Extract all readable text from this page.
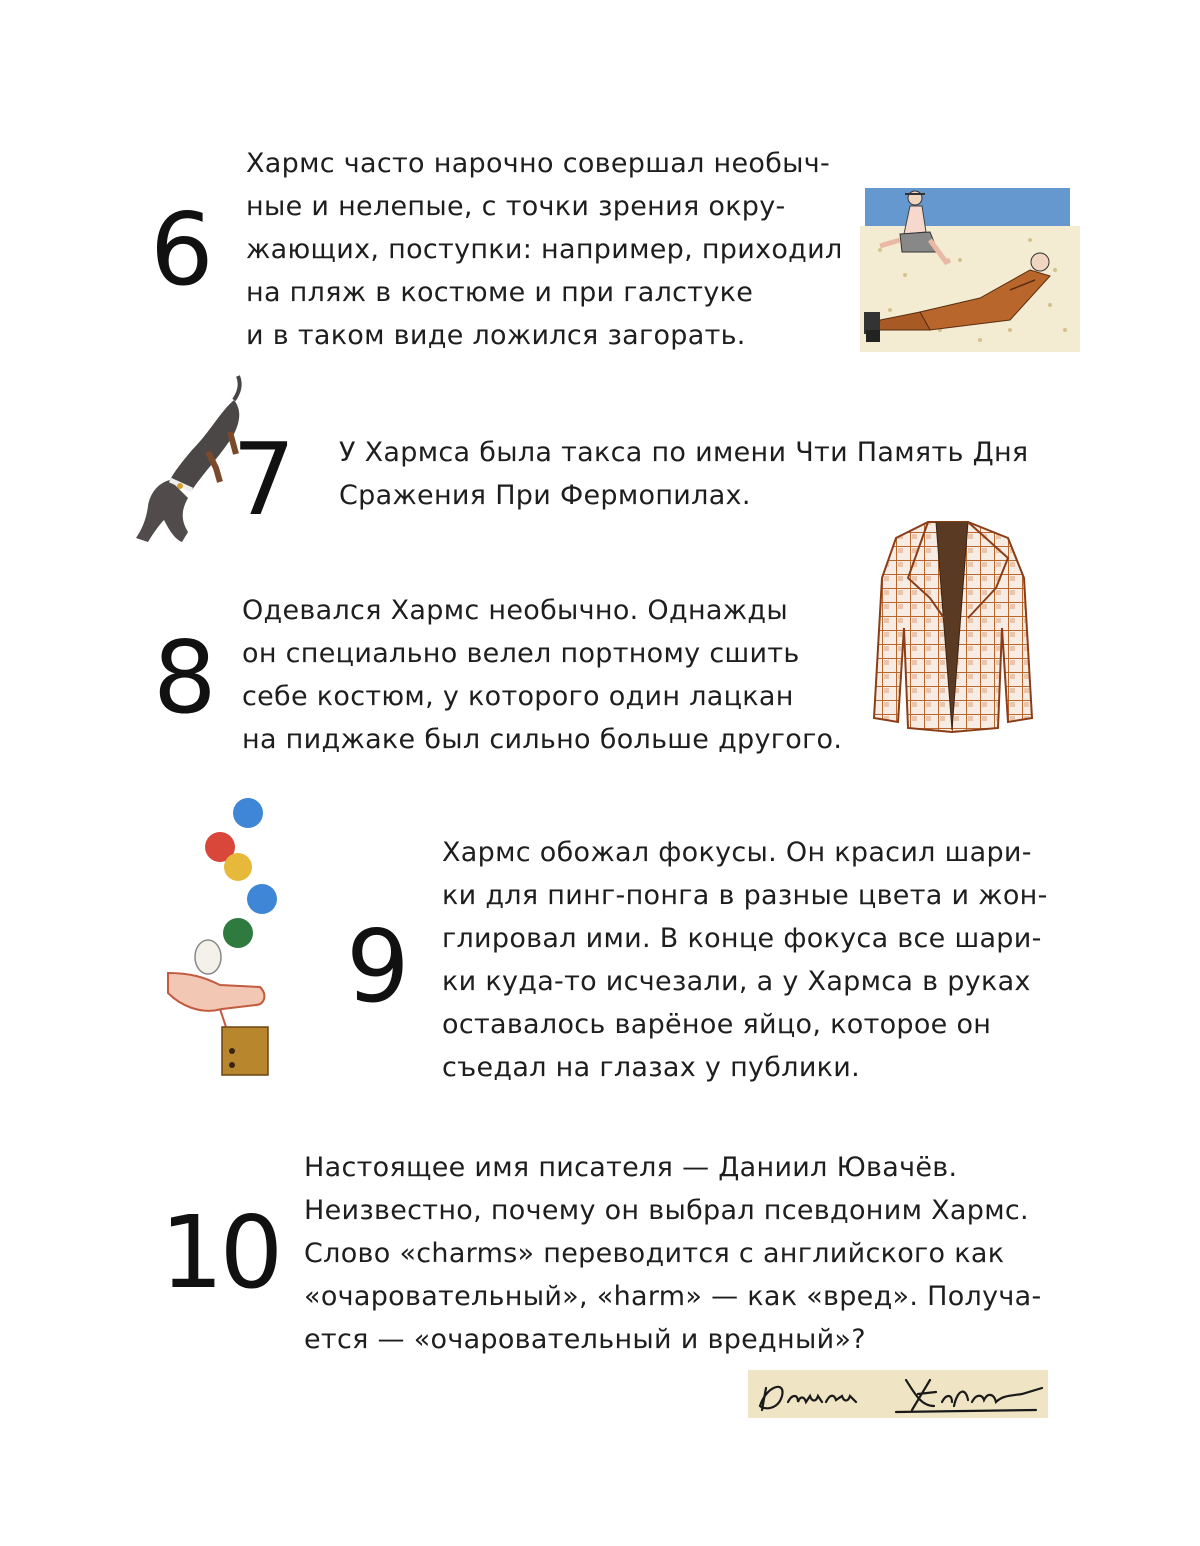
6
Хармс часто нарочно совершал необыч-
ные и нелепые, с точки зрения окру-
жающих, поступки: например, приходил
на пляж в костюме и при галстуке
и в таком виде ложился загорать.
7 У Хармса была такса по имени Чти Память Дня
Сражения При Фермопилах.
8
Одевался Хармс необычно. Однажды
он специально велел портному сшить
себе костюм, у которого один лацкан
на пиджаке был сильно больше другого.
9
Хармс обожал фокусы. Он красил шари-
ки для пинг-понга в разные цвета и жон-
глировал ими. В конце фокуса все шари-
ки куда-то исчезали, а у Хармса в руках
оставалось варёное яйцо, которое он
съедал на глазах у публики.
10
Настоящее имя писателя — Даниил Ювачёв.
Неизвестно, почему он выбрал псевдоним Хармс.
Слово «charms» переводится с английского как
«очаровательный», «harm» — как «вред». Получа-
ется — «очаровательный и вредный»?
